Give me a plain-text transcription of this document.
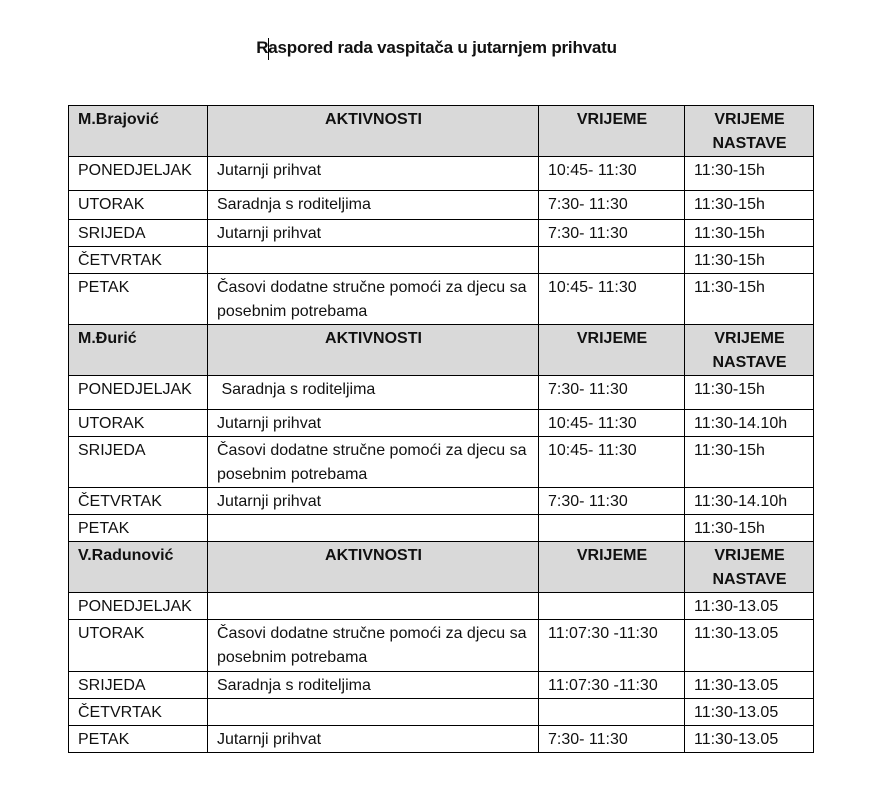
Raspored rada vaspitača u jutarnjem prihvatu
M.Brajović	AKTIVNOSTI	VRIJEME	VRIJEME NASTAVE
PONEDJELJAK	Jutarnji prihvat	10:45- 11:30	11:30-15h
UTORAK	Saradnja s roditeljima	7:30- 11:30	11:30-15h
SRIJEDA	Jutarnji prihvat	7:30- 11:30	11:30-15h
ČETVRTAK			11:30-15h
PETAK	Časovi dodatne stručne pomoći za djecu sa posebnim potrebama	10:45- 11:30	11:30-15h
M.Đurić	AKTIVNOSTI	VRIJEME	VRIJEME NASTAVE
PONEDJELJAK	Saradnja s roditeljima	7:30- 11:30	11:30-15h
UTORAK	Jutarnji prihvat	10:45- 11:30	11:30-14.10h
SRIJEDA	Časovi dodatne stručne pomoći za djecu sa posebnim potrebama	10:45- 11:30	11:30-15h
ČETVRTAK	Jutarnji prihvat	7:30- 11:30	11:30-14.10h
PETAK			11:30-15h
V.Radunović	AKTIVNOSTI	VRIJEME	VRIJEME NASTAVE
PONEDJELJAK			11:30-13.05
UTORAK	Časovi dodatne stručne pomoći za djecu sa posebnim potrebama	11:07:30 -11:30	11:30-13.05
SRIJEDA	Saradnja s roditeljima	11:07:30 -11:30	11:30-13.05
ČETVRTAK			11:30-13.05
PETAK	Jutarnji prihvat	7:30- 11:30	11:30-13.05
